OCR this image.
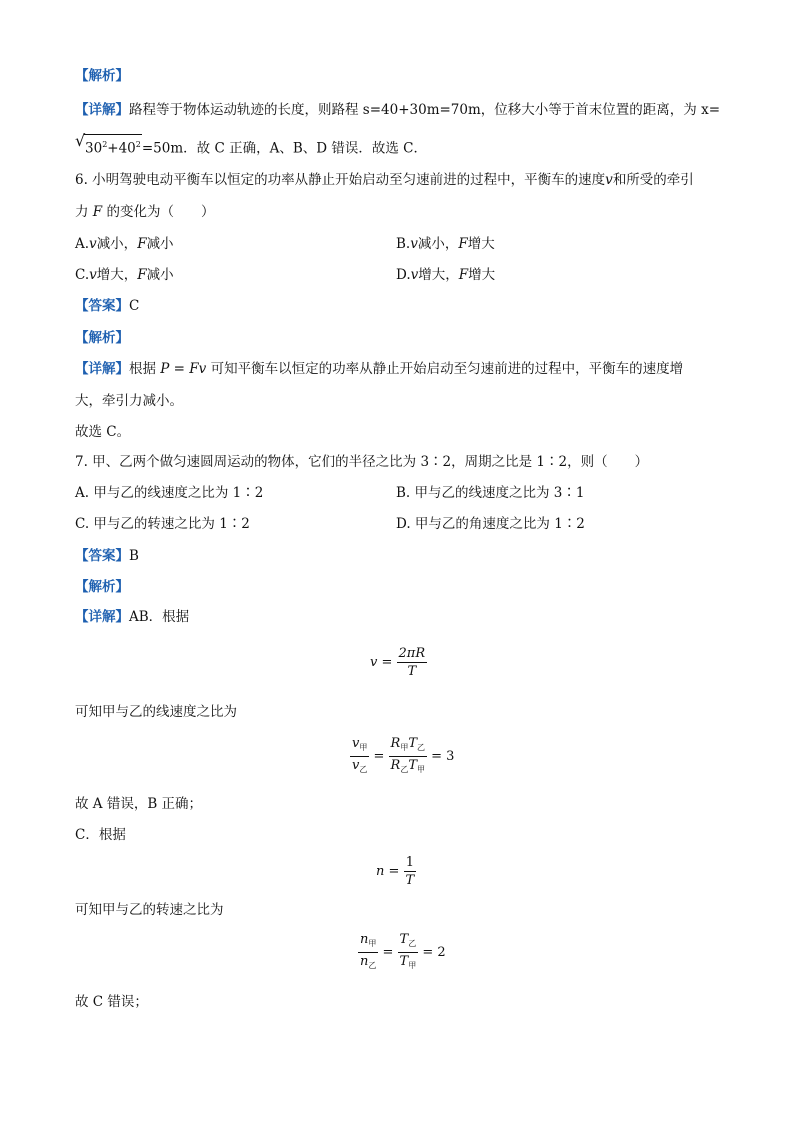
【解析】
【详解】路程等于物体运动轨迹的长度，则路程 s=40+30m=70m，位移大小等于首末位置的距离，为 x=
√ $30^2+40^2=50m$．故 C 正确，A、B、D 错误．故选 C．
6. 小明驾驶电动平衡车以恒定的功率从静止开始启动至匀速前进的过程中，平衡车的速度v和所受的牵引
力 F 的变化为（　　）
A.v减小，F减小	B.v减小，F增大
C.v增大，F减小	D.v增大，F增大
【答案】C
【解析】
【详解】根据 P = Fv 可知平衡车以恒定的功率从静止开始启动至匀速前进的过程中，平衡车的速度增
大，牵引力减小。
故选 C。
7. 甲、乙两个做匀速圆周运动的物体，它们的半径之比为 3∶2，周期之比是 1∶2，则（　　）
A. 甲与乙的线速度之比为 1∶2	B. 甲与乙的线速度之比为 3∶1
C. 甲与乙的转速之比为 1∶2	D. 甲与乙的角速度之比为 1∶2
【答案】B
【解析】
【详解】AB．根据
$v = \frac{2\pi R}{T}$
可知甲与乙的线速度之比为
$\frac{v_甲}{v_乙} = \frac{R_甲T_乙}{R_乙T_甲} = 3$
故 A 错误，B 正确；
C．根据
$n = \frac{1}{T}$
可知甲与乙的转速之比为
$\frac{n_甲}{n_乙} = \frac{T_乙}{T_甲} = 2$
故 C 错误；
